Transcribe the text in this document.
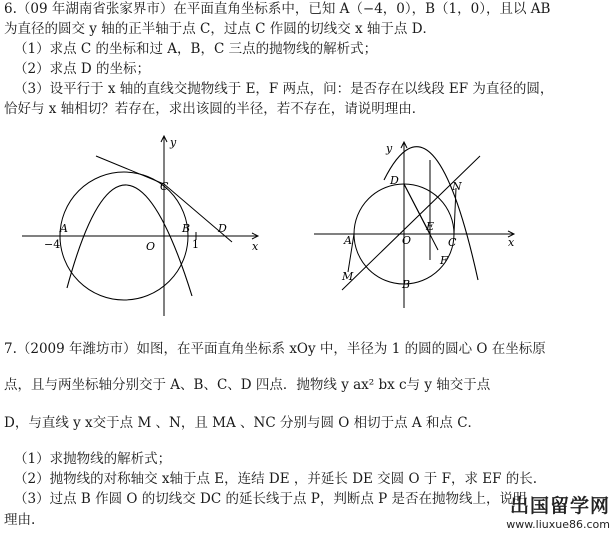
6.（09 年湖南省张家界市）在平面直角坐标系中，已知 A（−4，0），B（1，0），且以 AB
为直径的圆交 y 轴的正半轴于点 C，过点 C 作圆的切线交 x 轴于点 D．
（1）求点 C 的坐标和过 A，B，C 三点的抛物线的解析式；
（2）求点 D 的坐标；
（3）设平行于 x 轴的直线交抛物线于 E，F 两点，问：是否存在以线段 EF 为直径的圆，
恰好与 x 轴相切？若存在，求出该圆的半径，若不存在，请说明理由．
y
x
C
A
O
B	D
−4	1
y
x
D	N
A	O
E
C
F
M
B
7.（2009 年潍坊市）如图，在平面直角坐标系 xOy 中，半径为 1 的圆的圆心 O 在坐标原
点，且与两坐标轴分别交于 A、B、C、D 四点．抛物线 y ax² bx c与 y 轴交于点
D，与直线 y x交于点 M 、N，且 MA 、NC 分别与圆 O 相切于点 A 和点 C．
（1）求抛物线的解析式；
（2）抛物线的对称轴交 x轴于点 E，连结 DE ，并延长 DE 交圆 O 于 F，求 EF 的长.
（3）过点 B 作圆 O 的切线交 DC 的延长线于点 P，判断点 P 是否在抛物线上，说明
理由.
出国留学网
www.liuxue86.com
